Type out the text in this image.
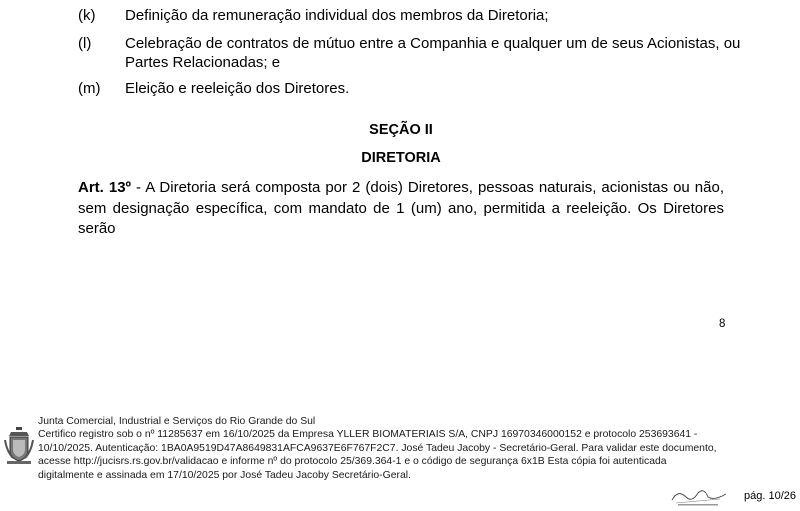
(k)	Definição da remuneração individual dos membros da Diretoria;
(l)	Celebração de contratos de mútuo entre a Companhia e qualquer um de seus Acionistas, ou Partes Relacionadas; e
(m)	Eleição e reeleição dos Diretores.
SEÇÃO II
DIRETORIA
Art. 13º - A Diretoria será composta por 2 (dois) Diretores, pessoas naturais, acionistas ou não, sem designação específica, com mandato de 1 (um) ano, permitida a reeleição. Os Diretores serão
8
Junta Comercial, Industrial e Serviços do Rio Grande do Sul
Certifico registro sob o nº 11285637 em 16/10/2025 da Empresa YLLER BIOMATERIAIS S/A, CNPJ 16970346000152 e protocolo 253693641 -
10/10/2025. Autenticação: 1BA0A9519D47A8649831AFCA9637E6F767F2C7. José Tadeu Jacoby - Secretário-Geral. Para validar este documento,
acesse http://jucisrs.rs.gov.br/validacao e informe nº do protocolo 25/369.364-1 e o código de segurança 6x1B Esta cópia foi autenticada
digitalmente e assinada em 17/10/2025 por José Tadeu Jacoby Secretário-Geral.
pág. 10/26
